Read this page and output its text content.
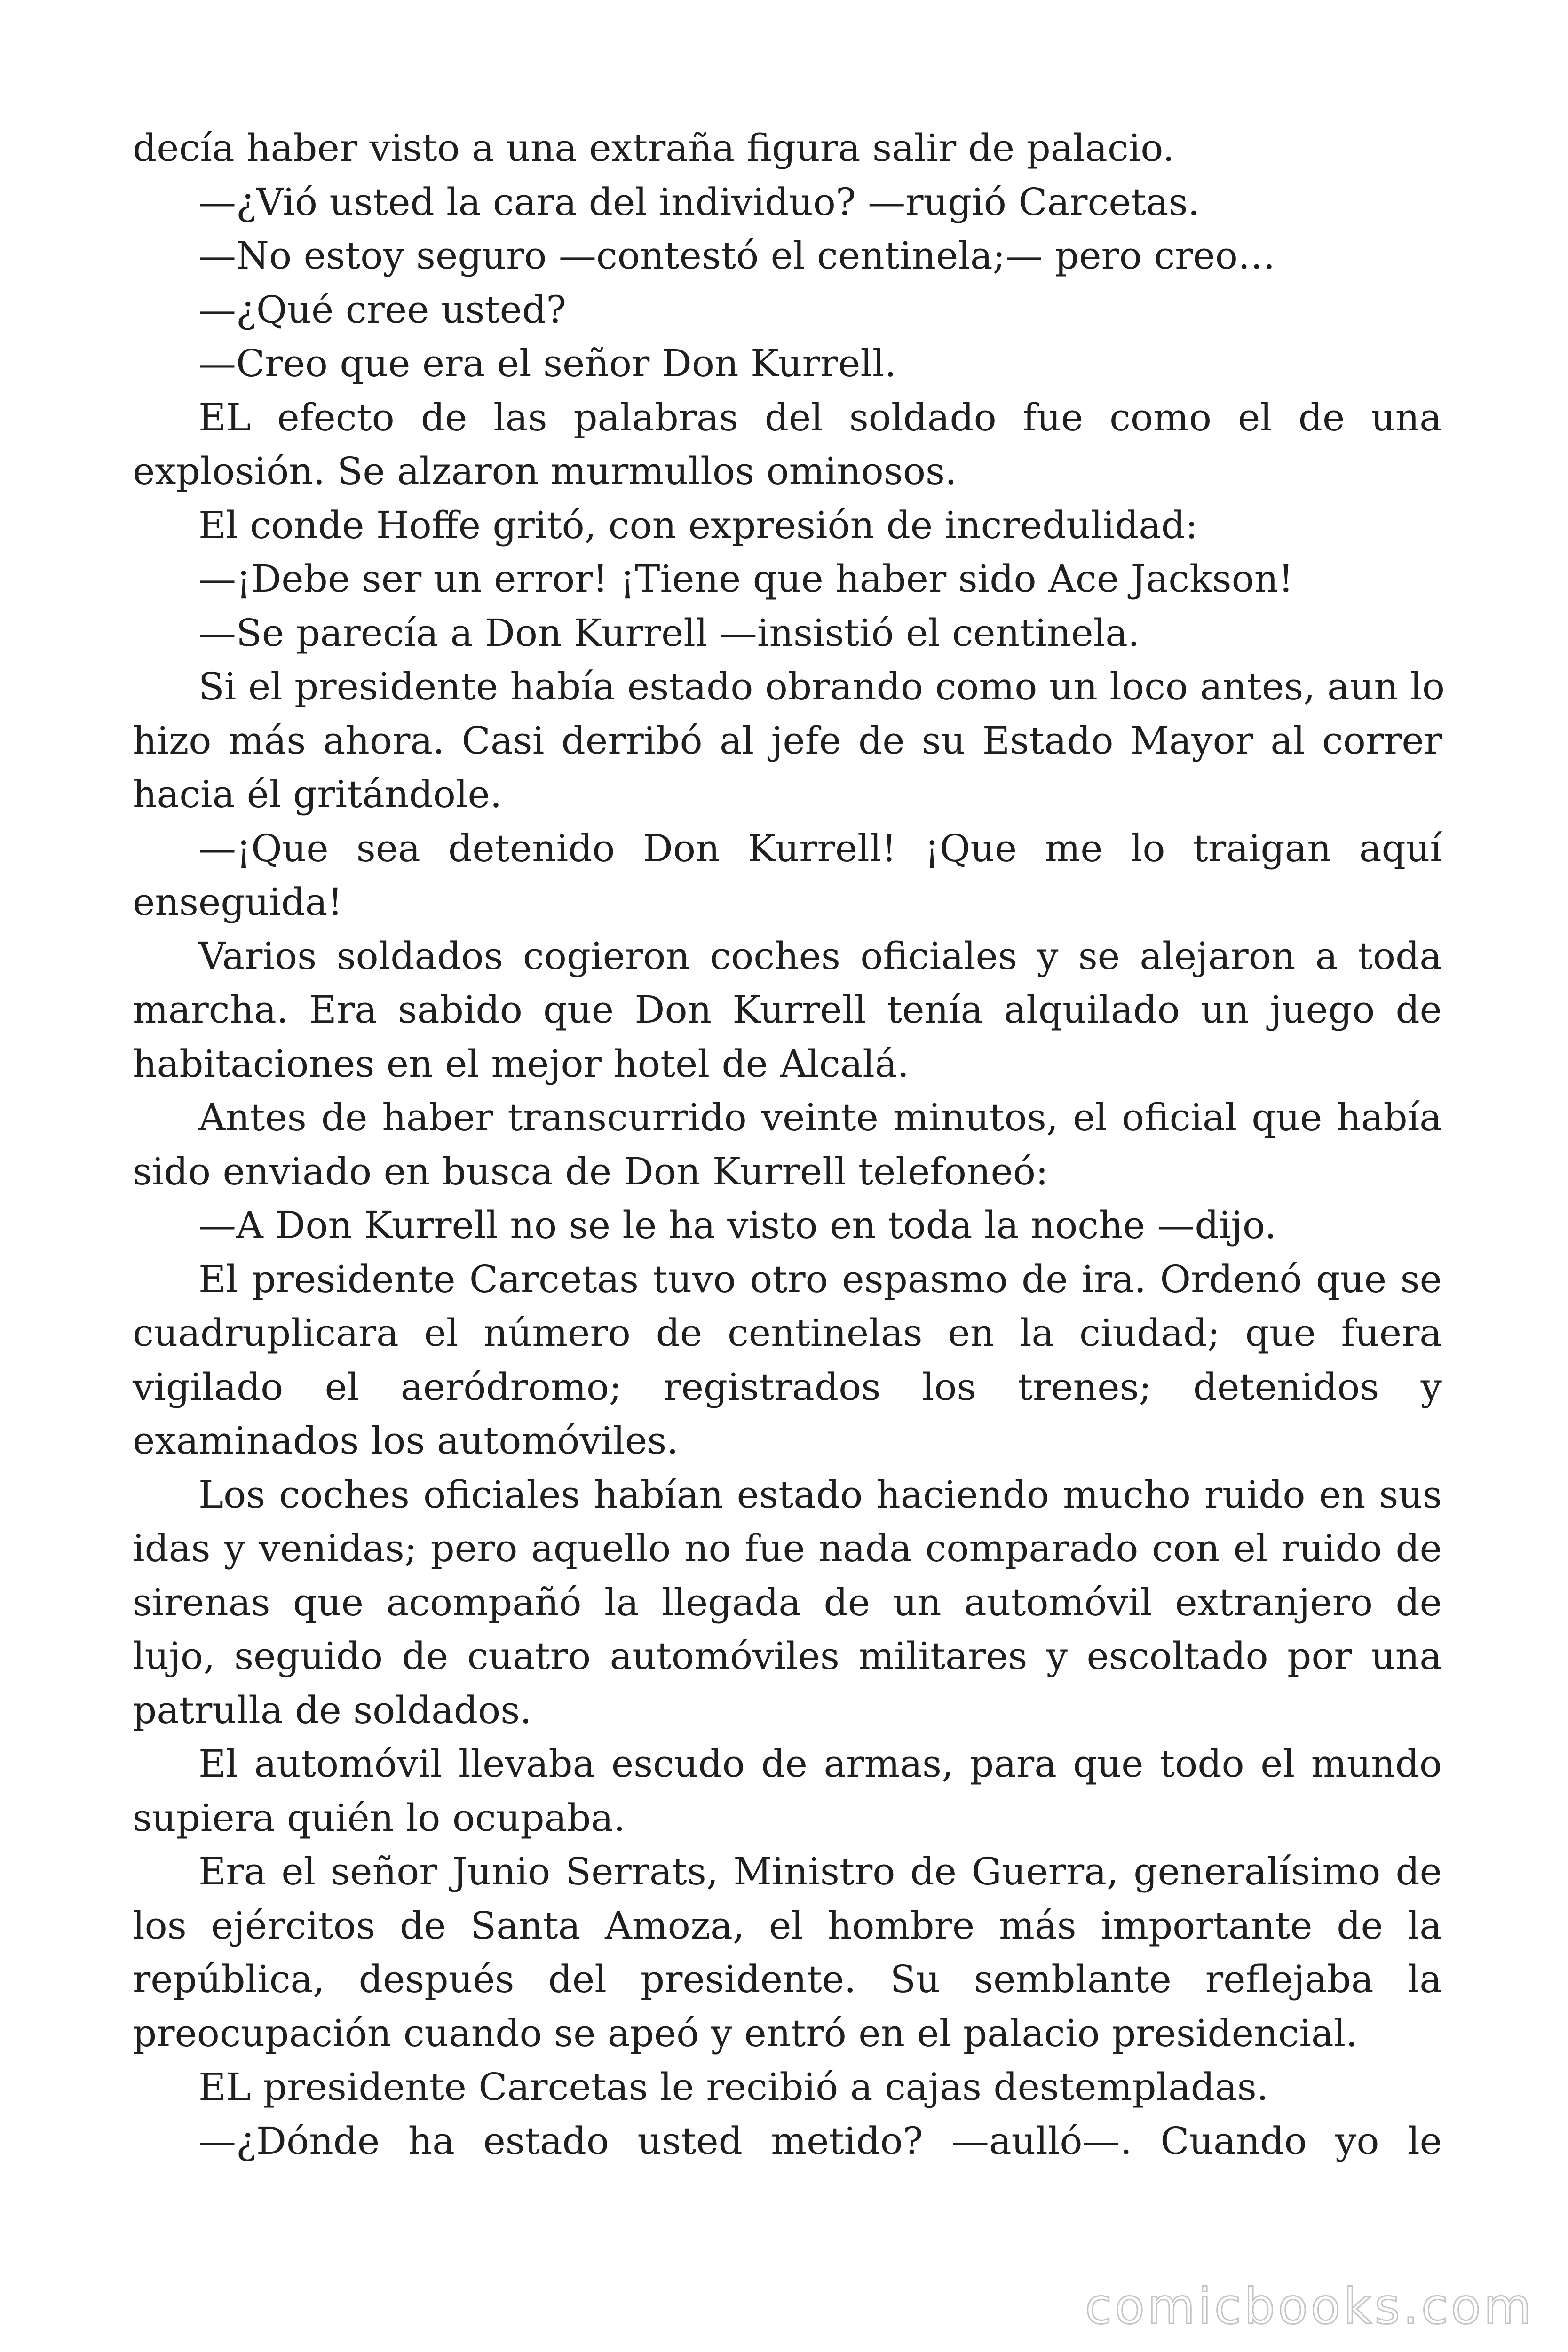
decía haber visto a una extraña figura salir de palacio.
—¿Vió usted la cara del individuo? —rugió Carcetas.
—No estoy seguro —contestó el centinela;— pero creo…
—¿Qué cree usted?
—Creo que era el señor Don Kurrell.
EL efecto de las palabras del soldado fue como el de una
explosión. Se alzaron murmullos ominosos.
El conde Hoffe gritó, con expresión de incredulidad:
—¡Debe ser un error! ¡Tiene que haber sido Ace Jackson!
—Se parecía a Don Kurrell —insistió el centinela.
Si el presidente había estado obrando como un loco antes, aun lo
hizo más ahora. Casi derribó al jefe de su Estado Mayor al correr
hacia él gritándole.
—¡Que sea detenido Don Kurrell! ¡Que me lo traigan aquí
enseguida!
Varios soldados cogieron coches oficiales y se alejaron a toda
marcha. Era sabido que Don Kurrell tenía alquilado un juego de
habitaciones en el mejor hotel de Alcalá.
Antes de haber transcurrido veinte minutos, el oficial que había
sido enviado en busca de Don Kurrell telefoneó:
—A Don Kurrell no se le ha visto en toda la noche —dijo.
El presidente Carcetas tuvo otro espasmo de ira. Ordenó que se
cuadruplicara el número de centinelas en la ciudad; que fuera
vigilado el aeródromo; registrados los trenes; detenidos y
examinados los automóviles.
Los coches oficiales habían estado haciendo mucho ruido en sus
idas y venidas; pero aquello no fue nada comparado con el ruido de
sirenas que acompañó la llegada de un automóvil extranjero de
lujo, seguido de cuatro automóviles militares y escoltado por una
patrulla de soldados.
El automóvil llevaba escudo de armas, para que todo el mundo
supiera quién lo ocupaba.
Era el señor Junio Serrats, Ministro de Guerra, generalísimo de
los ejércitos de Santa Amoza, el hombre más importante de la
república, después del presidente. Su semblante reflejaba la
preocupación cuando se apeó y entró en el palacio presidencial.
EL presidente Carcetas le recibió a cajas destempladas.
—¿Dónde ha estado usted metido? —aulló—. Cuando yo le
comicbooks.com
